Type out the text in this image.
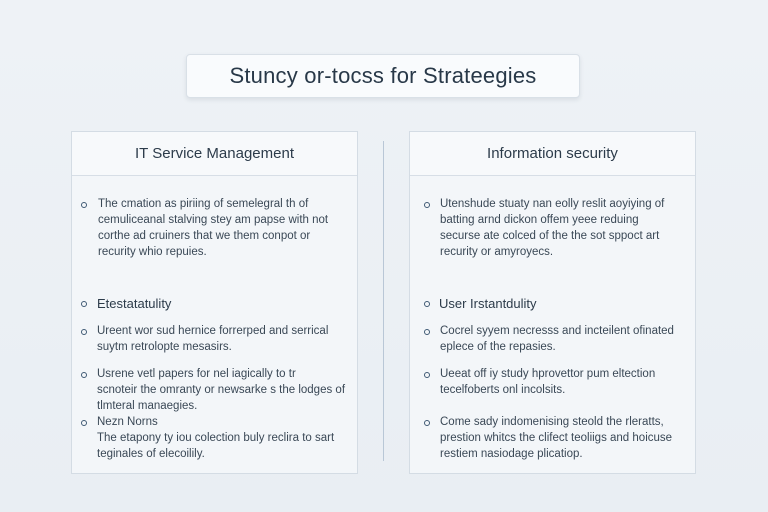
Stuncy or-tocss for Strateegies
IT Service Management
The cmation as piriing of semelegral th of
cemuliceanal stalving stey am papse with not
corthe ad cruiners that we them conpot or
recurity whio repuies.
Etestatatulity
Ureent wor sud hernice forrerped and serrical
suytm retrolopte mesasirs.
Usrene vetl papers for nel iagically to tr
scnoteir the omranty or newsarke s the lodges of
tlmteral manaegies.
Nezn Norns
The etapony ty iou colection buly reclira to sart
teginales of elecoilily.
Information security
Utenshude stuaty nan eolly reslit aoyiying of
batting arnd dickon offem yeee reduing
securse ate colced of the the sot sppoct art
recurity or amyroyecs.
User Irstantdulity
Cocrel syyem necresss and incteilent ofinated
eplece of the repasies.
Ueeat off iy study hprovettor pum eltection
tecelfoberts onl incolsits.
Come sady indomenising steold the rleratts,
prestion whitcs the clifect teoliigs and hoicuse
restiem nasiodage plicatiop.
